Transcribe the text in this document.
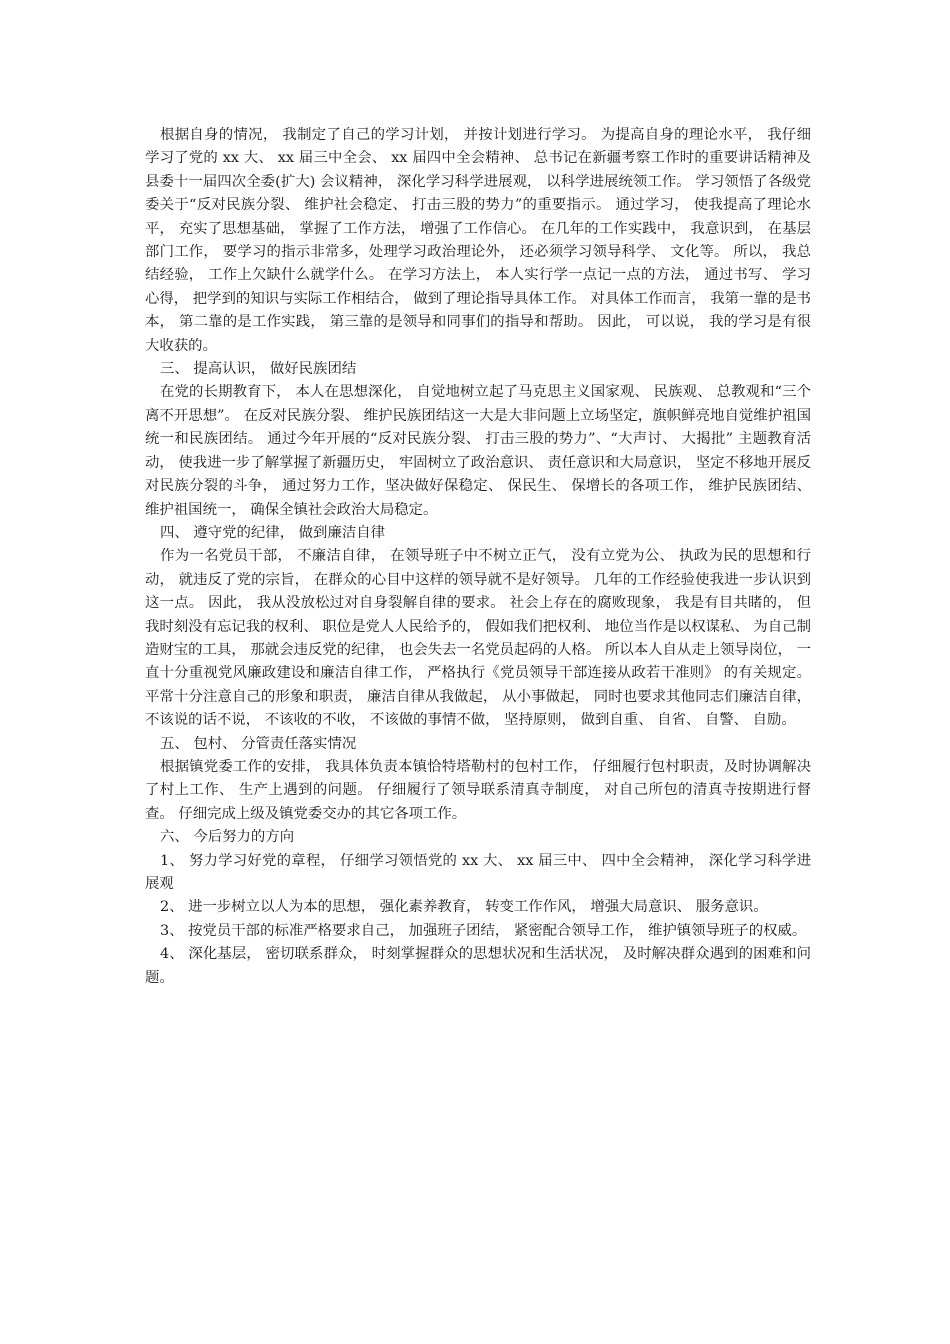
根据自身的情况， 我制定了自己的学习计划， 并按计划进行学习。 为提高自身的理论水平， 我仔细学习了党的 xx 大、 xx 届三中全会、 xx 届四中全会精神、 总书记在新疆考察工作时的重要讲话精神及县委十一届四次全委(扩大) 会议精神， 深化学习科学进展观， 以科学进展统领工作。 学习领悟了各级党委关于“反对民族分裂、 维护社会稳定、 打击三股的势力”的重要指示。 通过学习， 使我提高了理论水平， 充实了思想基础， 掌握了工作方法， 增强了工作信心。 在几年的工作实践中， 我意识到， 在基层部门工作， 要学习的指示非常多，处理学习政治理论外， 还必须学习领导科学、 文化等。 所以， 我总结经验， 工作上欠缺什么就学什么。 在学习方法上， 本人实行学一点记一点的方法， 通过书写、 学习心得， 把学到的知识与实际工作相结合， 做到了理论指导具体工作。 对具体工作而言， 我第一靠的是书本， 第二靠的是工作实践， 第三靠的是领导和同事们的指导和帮助。 因此， 可以说， 我的学习是有很大收获的。

三、 提高认识， 做好民族团结

在党的长期教育下， 本人在思想深化， 自觉地树立起了马克思主义国家观、 民族观、 总教观和“三个离不开思想”。 在反对民族分裂、 维护民族团结这一大是大非问题上立场坚定，旗帜鲜亮地自觉维护祖国统一和民族团结。 通过今年开展的“反对民族分裂、 打击三股的势力”、“大声讨、 大揭批” 主题教育活动， 使我进一步了解掌握了新疆历史， 牢固树立了政治意识、 责任意识和大局意识， 坚定不移地开展反对民族分裂的斗争， 通过努力工作，坚决做好保稳定、 保民生、 保增长的各项工作， 维护民族团结、 维护祖国统一， 确保全镇社会政治大局稳定。

四、 遵守党的纪律， 做到廉洁自律

作为一名党员干部， 不廉洁自律， 在领导班子中不树立正气， 没有立党为公、 执政为民的思想和行动， 就违反了党的宗旨， 在群众的心目中这样的领导就不是好领导。 几年的工作经验使我进一步认识到这一点。 因此， 我从没放松过对自身裂解自律的要求。 社会上存在的腐败现象， 我是有目共睹的， 但我时刻没有忘记我的权利、 职位是党人人民给予的， 假如我们把权利、 地位当作是以权谋私、 为自己制造财宝的工具， 那就会违反党的纪律， 也会失去一名党员起码的人格。 所以本人自从走上领导岗位， 一直十分重视党风廉政建设和廉洁自律工作， 严格执行《党员领导干部连接从政若干准则》 的有关规定。 平常十分注意自己的形象和职责， 廉洁自律从我做起， 从小事做起， 同时也要求其他同志们廉洁自律， 不该说的话不说， 不该收的不收， 不该做的事情不做， 坚持原则， 做到自重、 自省、 自警、 自励。

五、 包村、 分管责任落实情况

根据镇党委工作的安排， 我具体负责本镇恰特塔勒村的包村工作， 仔细履行包村职责，及时协调解决了村上工作、 生产上遇到的问题。 仔细履行了领导联系清真寺制度， 对自己所包的清真寺按期进行督查。 仔细完成上级及镇党委交办的其它各项工作。

六、 今后努力的方向

1、 努力学习好党的章程， 仔细学习领悟党的 xx 大、 xx 届三中、 四中全会精神， 深化学习科学进展观

2、 进一步树立以人为本的思想， 强化素养教育， 转变工作作风， 增强大局意识、 服务意识。

3、 按党员干部的标准严格要求自己， 加强班子团结， 紧密配合领导工作， 维护镇领导班子的权威。

4、 深化基层， 密切联系群众， 时刻掌握群众的思想状况和生活状况， 及时解决群众遇到的困难和问题。
